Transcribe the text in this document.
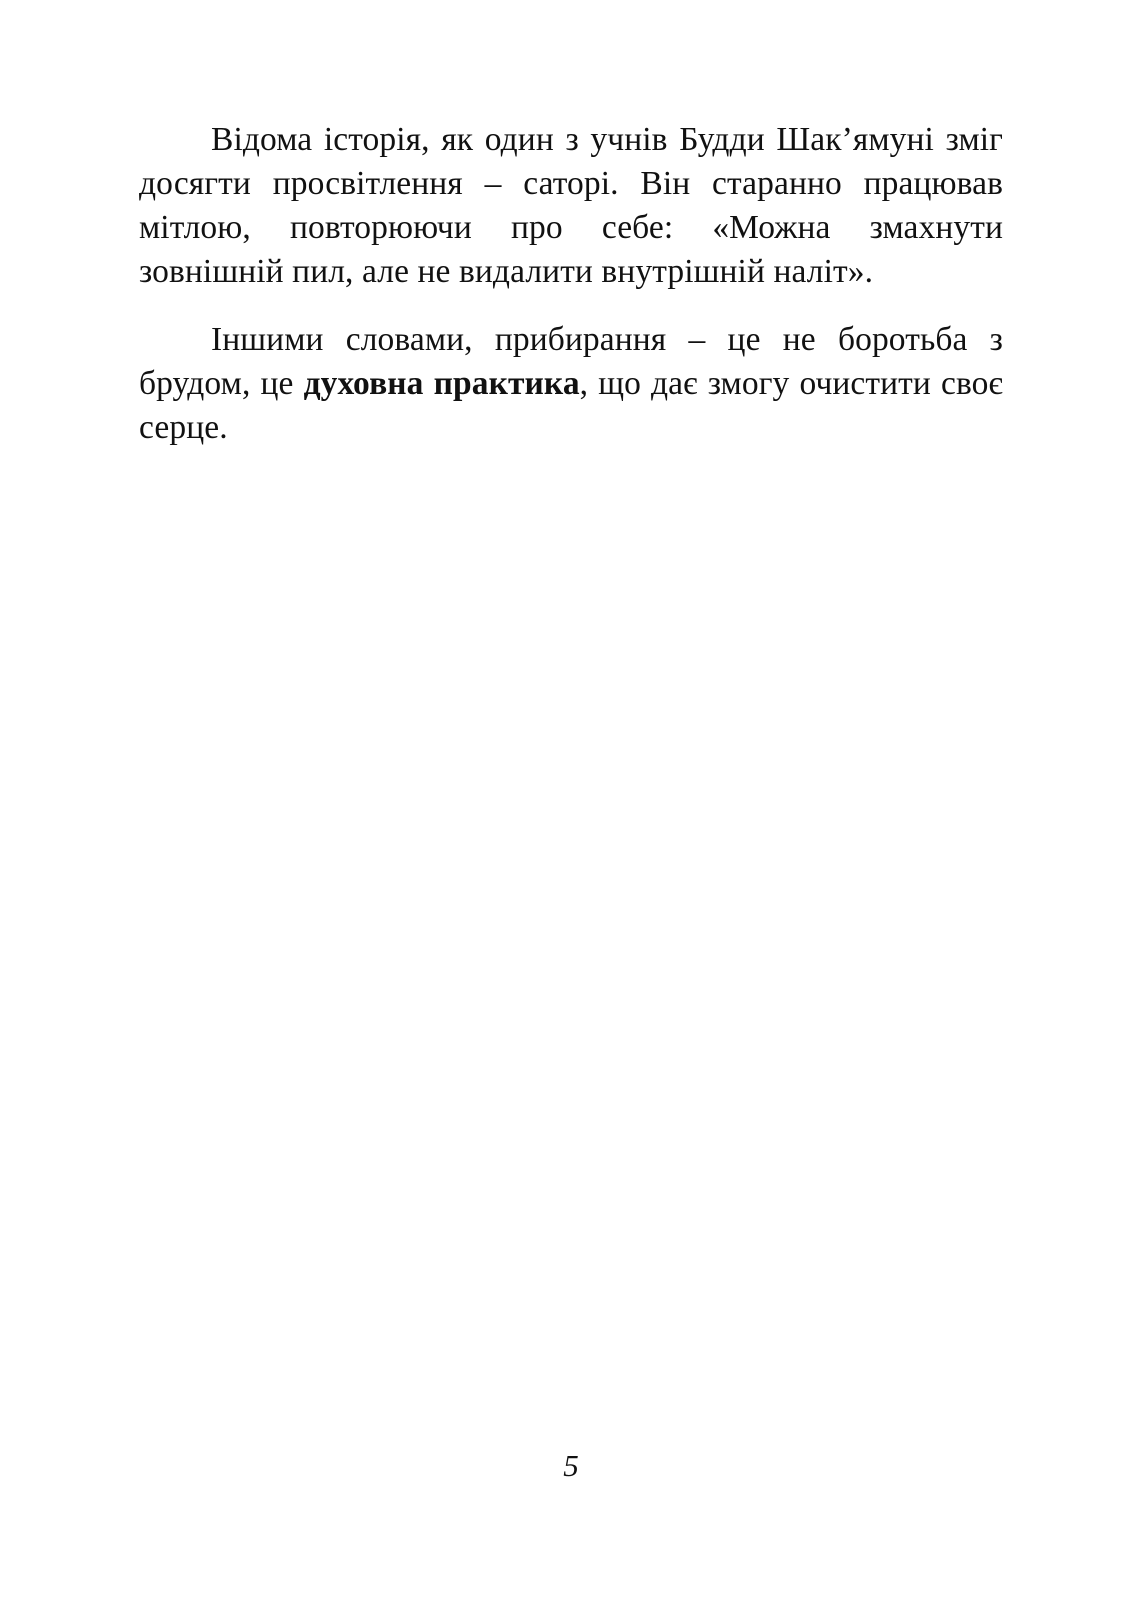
Відома історія, як один з учнів Будди Шак’ямуні зміг досягти просвітлення – саторі. Він старанно працював мітлою, повторюючи про себе: «Можна змахнути зовнішній пил, але не видалити внутрішній наліт».

Іншими словами, прибирання – це не боротьба з брудом, це духовна практика, що дає змогу очистити своє серце.

5
